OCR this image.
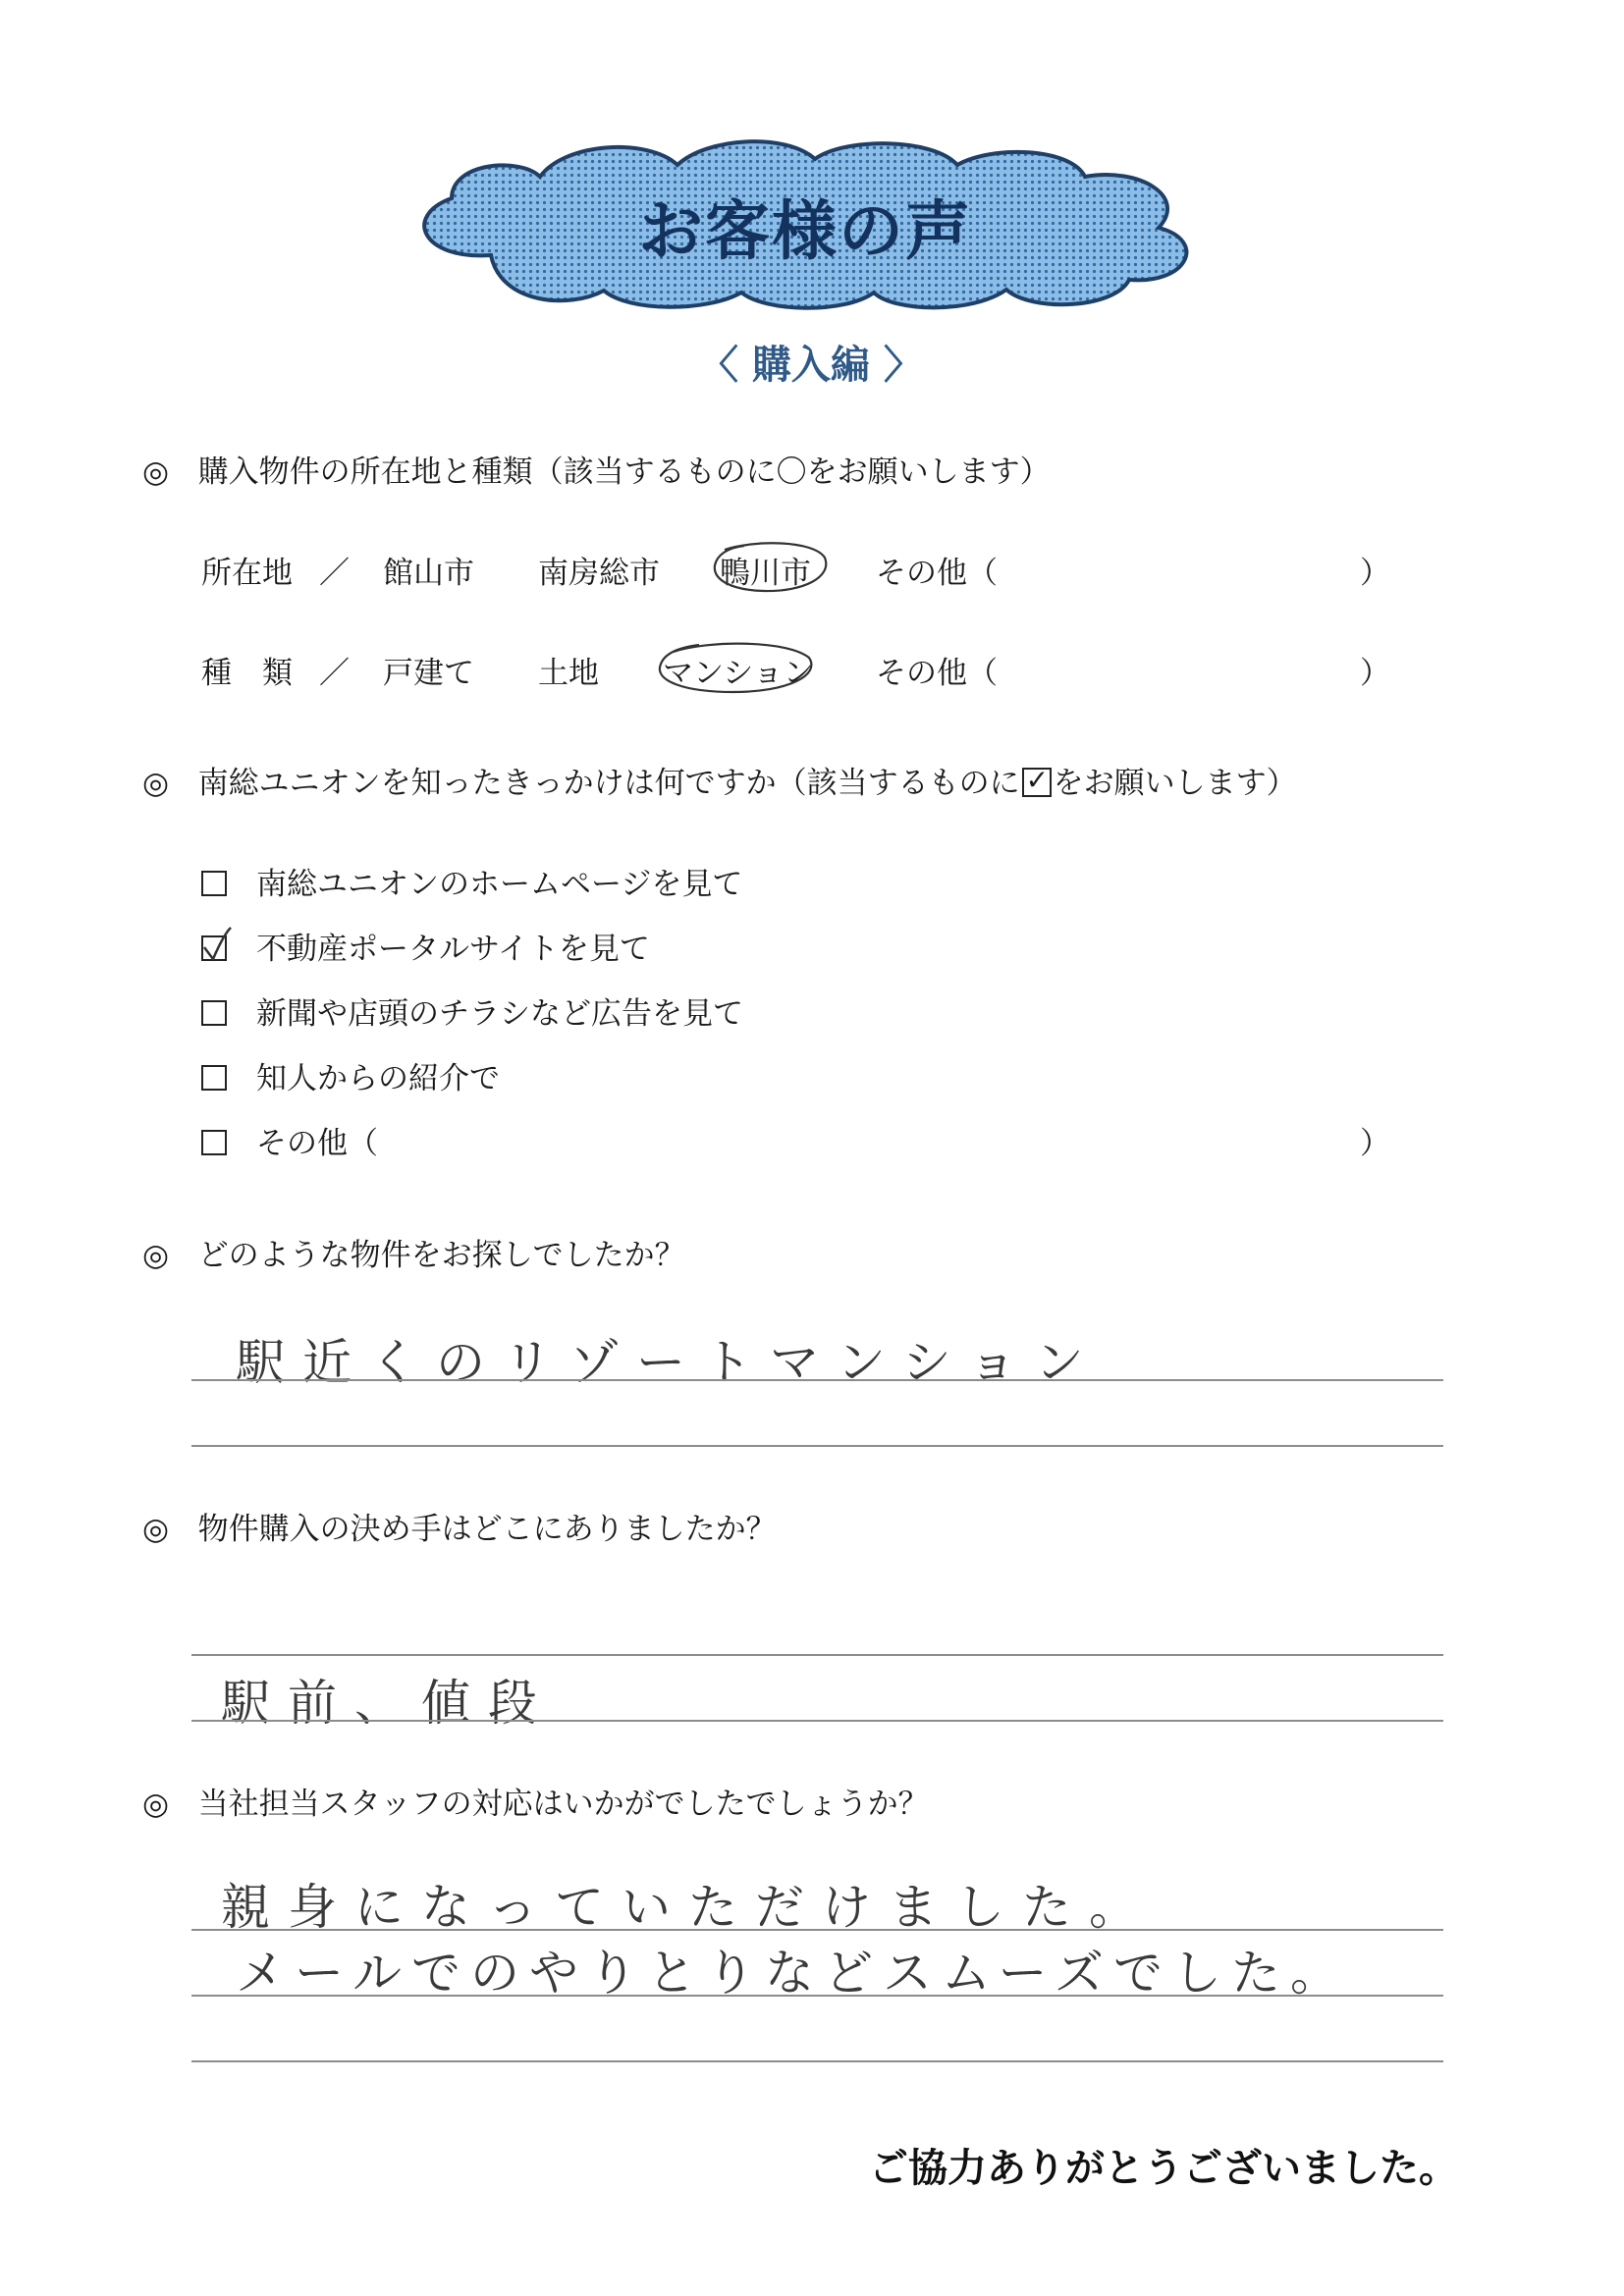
お客様の声
〈 購入編 〉
◎ 購入物件の所在地と種類（該当するものに〇をお願いします）
所在地 ／ 館山市 南房総市 鴨川市 その他（	）
種　類 ／ 戸建て 土地 マンション その他（	）
◎ 南総ユニオンを知ったきっかけは何ですか（該当するものに ✓ をお願いします）
南総ユニオンのホームページを見て
不動産ポータルサイトを見て
新聞や店頭のチラシなど広告を見て
知人からの紹介で
その他（	）
◎ どのような物件をお探しでしたか？
駅近くのリゾートマンション
◎ 物件購入の決め手はどこにありましたか？
駅前、値段
◎ 当社担当スタッフの対応はいかがでしたでしょうか？
親身になっていただけました。
メールでのやりとりなどスムーズでした。
ご協力ありがとうございました。
